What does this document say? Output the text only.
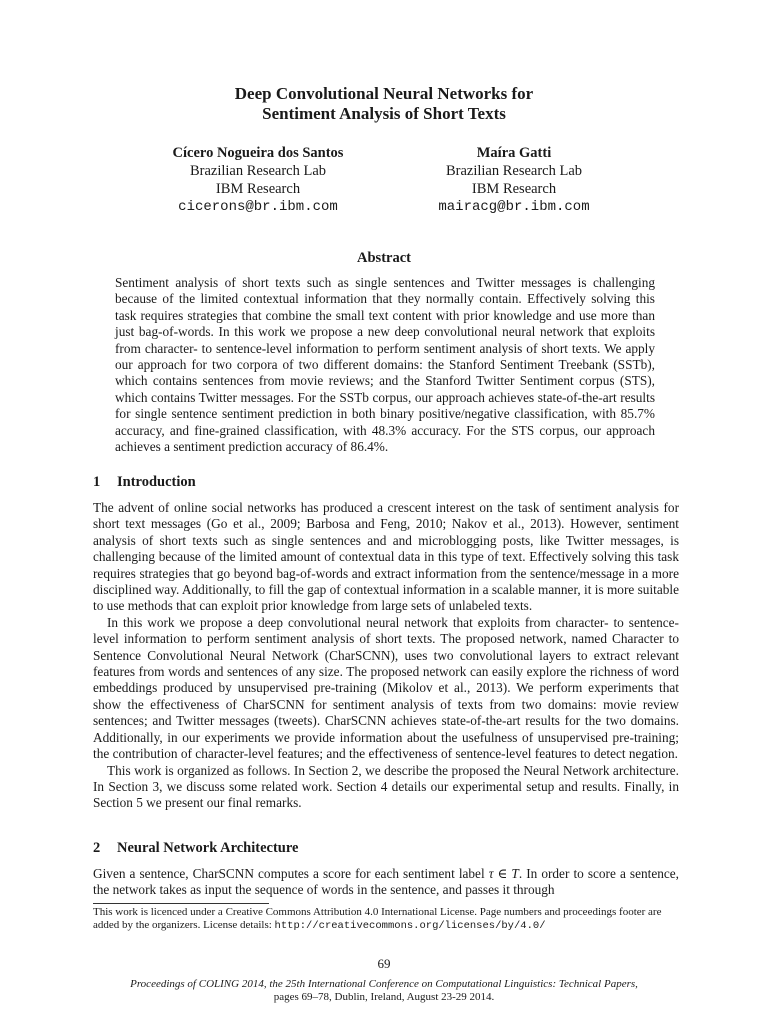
Deep Convolutional Neural Networks for
Sentiment Analysis of Short Texts
Cícero Nogueira dos Santos
Brazilian Research Lab
IBM Research
cicerons@br.ibm.com
Maíra Gatti
Brazilian Research Lab
IBM Research
mairacg@br.ibm.com
Abstract
Sentiment analysis of short texts such as single sentences and Twitter messages is challenging because of the limited contextual information that they normally contain. Effectively solving this task requires strategies that combine the small text content with prior knowledge and use more than just bag-of-words. In this work we propose a new deep convolutional neural network that exploits from character- to sentence-level information to perform sentiment analysis of short texts. We apply our approach for two corpora of two different domains: the Stanford Sentiment Treebank (SSTb), which contains sentences from movie reviews; and the Stanford Twitter Sentiment corpus (STS), which contains Twitter messages. For the SSTb corpus, our approach achieves state-of-the-art results for single sentence sentiment prediction in both binary positive/negative classification, with 85.7% accuracy, and fine-grained classification, with 48.3% accuracy. For the STS corpus, our approach achieves a sentiment prediction accuracy of 86.4%.
1 Introduction

The advent of online social networks has produced a crescent interest on the task of sentiment analysis for short text messages (Go et al., 2009; Barbosa and Feng, 2010; Nakov et al., 2013). However, sentiment analysis of short texts such as single sentences and and microblogging posts, like Twitter messages, is challenging because of the limited amount of contextual data in this type of text. Effectively solving this task requires strategies that go beyond bag-of-words and extract information from the sentence/message in a more disciplined way. Additionally, to fill the gap of contextual information in a scalable manner, it is more suitable to use methods that can exploit prior knowledge from large sets of unlabeled texts.

In this work we propose a deep convolutional neural network that exploits from character- to sentence-level information to perform sentiment analysis of short texts. The proposed network, named Character to Sentence Convolutional Neural Network (CharSCNN), uses two convolutional layers to extract relevant features from words and sentences of any size. The proposed network can easily explore the richness of word embeddings produced by unsupervised pre-training (Mikolov et al., 2013). We perform experiments that show the effectiveness of CharSCNN for sentiment analysis of texts from two domains: movie review sentences; and Twitter messages (tweets). CharSCNN achieves state-of-the-art results for the two domains. Additionally, in our experiments we provide information about the usefulness of unsupervised pre-training; the contribution of character-level features; and the effectiveness of sentence-level features to detect negation.

This work is organized as follows. In Section 2, we describe the proposed the Neural Network architecture. In Section 3, we discuss some related work. Section 4 details our experimental setup and results. Finally, in Section 5 we present our final remarks.

2 Neural Network Architecture

Given a sentence, CharSCNN computes a score for each sentiment label τ ∈ T. In order to score a sentence, the network takes as input the sequence of words in the sentence, and passes it through

This work is licenced under a Creative Commons Attribution 4.0 International License. Page numbers and proceedings footer are added by the organizers. License details: http://creativecommons.org/licenses/by/4.0/
69
Proceedings of COLING 2014, the 25th International Conference on Computational Linguistics: Technical Papers,
pages 69–78, Dublin, Ireland, August 23-29 2014.
